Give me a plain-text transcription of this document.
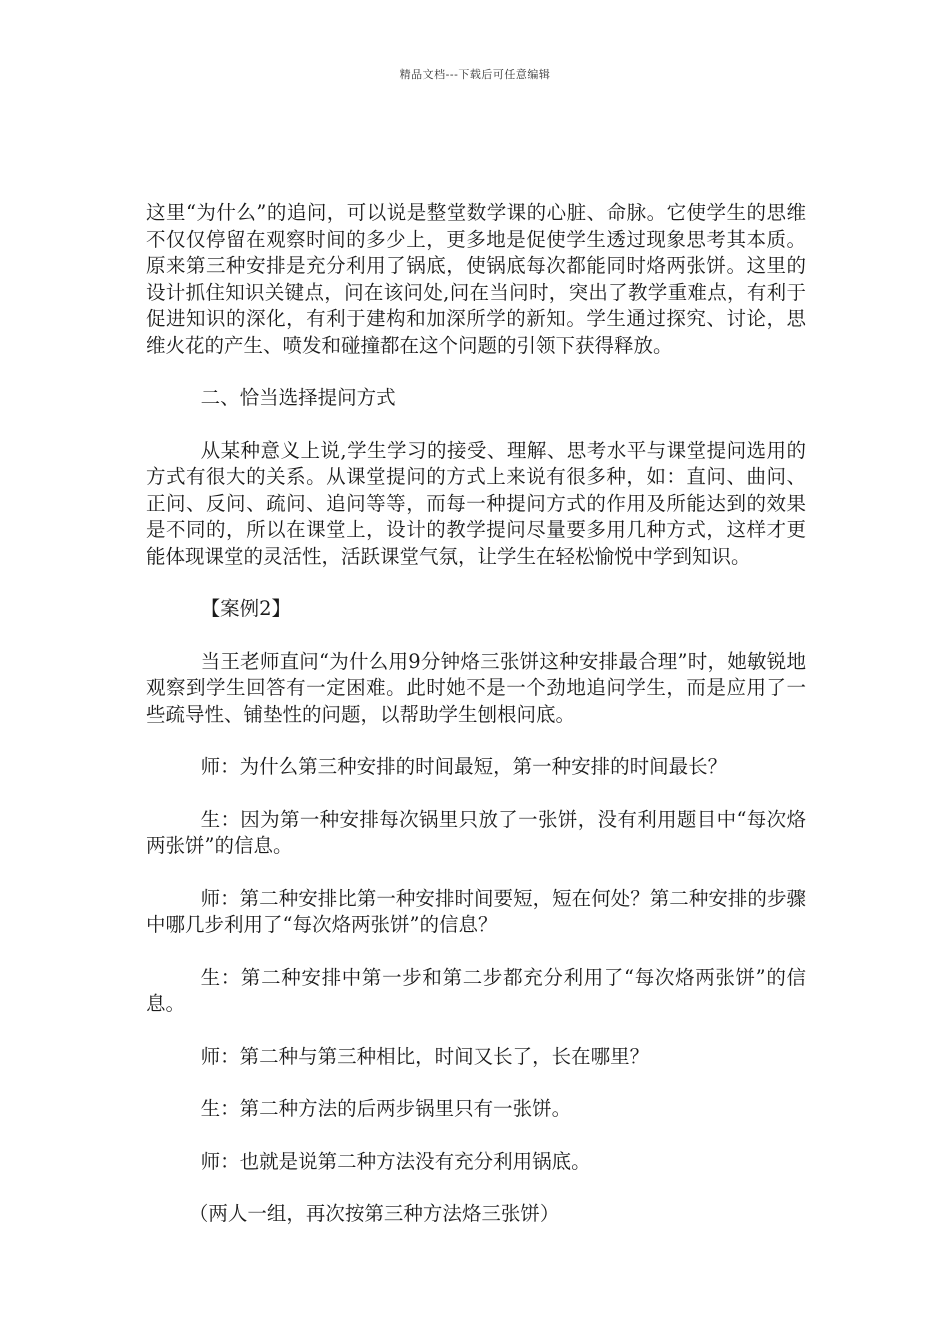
精品文档---下载后可任意编辑

这里“为什么”的追问，可以说是整堂数学课的心脏、命脉。它使学生的思维不仅仅停留在观察时间的多少上，更多地是促使学生透过现象思考其本质。原来第三种安排是充分利用了锅底，使锅底每次都能同时烙两张饼。这里的设计抓住知识关键点，问在该问处,问在当问时，突出了教学重难点，有利于促进知识的深化，有利于建构和加深所学的新知。学生通过探究、讨论，思维火花的产生、喷发和碰撞都在这个问题的引领下获得释放。

二、恰当选择提问方式

从某种意义上说,学生学习的接受、理解、思考水平与课堂提问选用的方式有很大的关系。从课堂提问的方式上来说有很多种，如：直问、曲问、正问、反问、疏问、追问等等，而每一种提问方式的作用及所能达到的效果是不同的，所以在课堂上，设计的教学提问尽量要多用几种方式，这样才更能体现课堂的灵活性，活跃课堂气氛，让学生在轻松愉悦中学到知识。

【案例2】

当王老师直问“为什么用9分钟烙三张饼这种安排最合理”时，她敏锐地观察到学生回答有一定困难。此时她不是一个劲地追问学生，而是应用了一些疏导性、铺垫性的问题，以帮助学生刨根问底。

师：为什么第三种安排的时间最短，第一种安排的时间最长？

生：因为第一种安排每次锅里只放了一张饼，没有利用题目中“每次烙两张饼”的信息。

师：第二种安排比第一种安排时间要短，短在何处？第二种安排的步骤中哪几步利用了“每次烙两张饼”的信息？

生：第二种安排中第一步和第二步都充分利用了“每次烙两张饼”的信息。

师：第二种与第三种相比，时间又长了，长在哪里？

生：第二种方法的后两步锅里只有一张饼。

师：也就是说第二种方法没有充分利用锅底。

（两人一组，再次按第三种方法烙三张饼）
